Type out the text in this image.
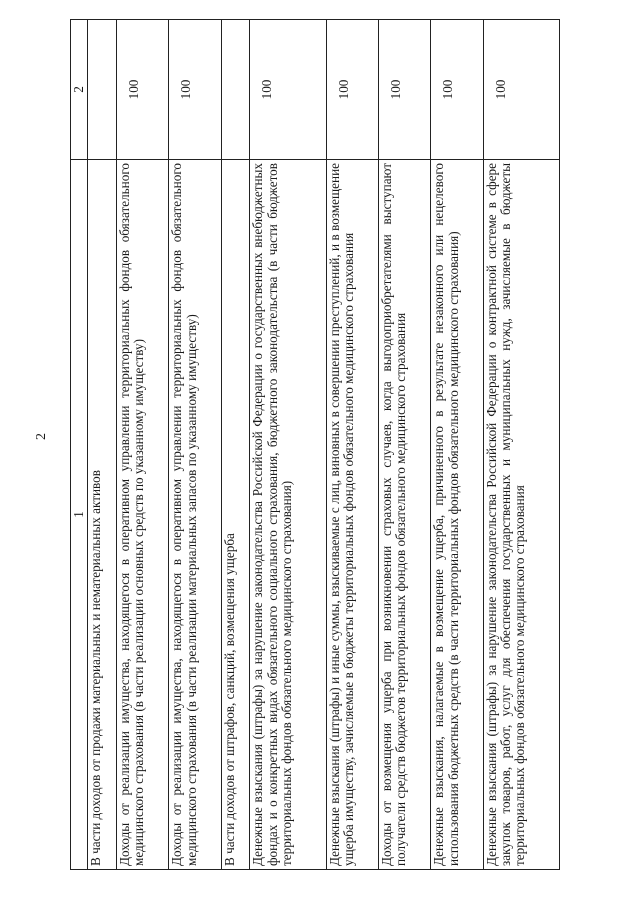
2
1	2
В части доходов от продажи материальных и нематериальных активов	
Доходы от реализации имущества, находящегося в оперативном управлении территориальных фондов обязательного медицинского страхования (в части реализации основных средств по указанному имуществу)	100
Доходы от реализации имущества, находящегося в оперативном управлении территориальных фондов обязательного медицинского страхования (в части реализации материальных запасов по указанному имуществу)	100
В части доходов от штрафов, санкций, возмещения ущерба	
Денежные взыскания (штрафы) за нарушение законодательства Российской Федерации о государственных внебюджетных фондах и о конкретных видах обязательного социального страхования, бюджетного законодательства (в части бюджетов территориальных фондов обязательного медицинского страхования)	100
Денежные взыскания (штрафы) и иные суммы, взыскиваемые с лиц, виновных в совершении преступлений, и в возмещение ущерба имуществу, зачисляемые в бюджеты территориальных фондов обязательного медицинского страхования	100
Доходы от возмещения ущерба при возникновении страховых случаев, когда выгодоприобретателями выступают получатели средств бюджетов территориальных фондов обязательного медицинского страхования	100
Денежные взыскания, налагаемые в возмещение ущерба, причиненного в результате незаконного или нецелевого использования бюджетных средств (в части территориальных фондов обязательного медицинского страхования)	100
Денежные взыскания (штрафы) за нарушение законодательства Российской Федерации о контрактной системе в сфере закупок товаров, работ, услуг для обеспечения государственных и муниципальных нужд, зачисляемые в бюджеты территориальных фондов обязательного медицинского страхования	100
